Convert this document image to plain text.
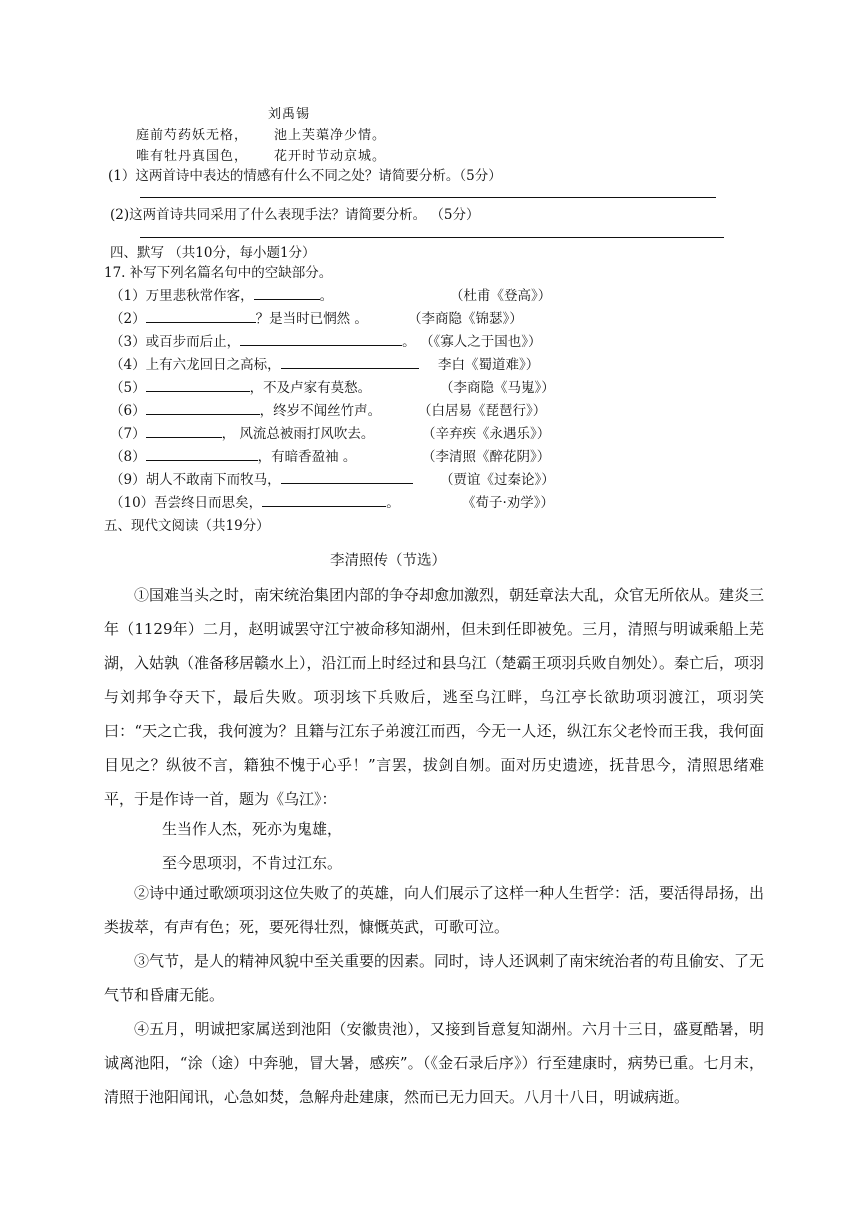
刘禹锡
庭前芍药妖无格， 池上芙蕖净少情。
唯有牡丹真国色， 花开时节动京城。
(1）这两首诗中表达的情感有什么不同之处？请简要分析。（5分）
(2)这两首诗共同采用了什么表现手法？请简要分析。 （5分）
四、默写 （共10分，每小题1分）
17. 补写下列名篇名句中的空缺部分。
（1）万里悲秋常作客，	。	（杜甫《登高》）
（2）	？是当时已惘然 。	（李商隐《锦瑟》）
（3）或百步而后止，	。 （《寡人之于国也》）
（4）上有六龙回日之高标，	李白《蜀道难》）
（5）	，不及卢家有莫愁。	（李商隐《马嵬》）
（6）	，终岁不闻丝竹声。	（白居易《琵琶行》）
（7）	， 风流总被雨打风吹去。	（辛弃疾《永遇乐》）
（8）	，有暗香盈袖 。	（李清照《醉花阴》）
（9）胡人不敢南下而牧马，	（贾谊《过秦论》）
（10）吾尝终日而思矣，	。	《荀子·劝学》）
五、现代文阅读（共19分）
李清照传（节选）
①国难当头之时，南宋统治集团内部的争夺却愈加激烈，朝廷章法大乱，众官无所依从。建炎三年（1129年）二月，赵明诚罢守江宁被命移知湖州，但未到任即被免。三月，清照与明诚乘船上芜湖，入姑孰（准备移居赣水上），沿江而上时经过和县乌江（楚霸王项羽兵败自刎处）。秦亡后，项羽与刘邦争夺天下，最后失败。项羽垓下兵败后，逃至乌江畔，乌江亭长欲助项羽渡江，项羽笑曰：“天之亡我，我何渡为？且籍与江东子弟渡江而西，今无一人还，纵江东父老怜而王我，我何面目见之？纵彼不言，籍独不愧于心乎！”言罢，拔剑自刎。面对历史遗迹，抚昔思今，清照思绪难平，于是作诗一首，题为《乌江》：
生当作人杰，死亦为鬼雄，
至今思项羽，不肯过江东。
②诗中通过歌颂项羽这位失败了的英雄，向人们展示了这样一种人生哲学：活，要活得昂扬，出类拔萃，有声有色；死，要死得壮烈，慷慨英武，可歌可泣。
③气节，是人的精神风貌中至关重要的因素。同时，诗人还讽刺了南宋统治者的苟且偷安、了无气节和昏庸无能。
④五月，明诚把家属送到池阳（安徽贵池），又接到旨意复知湖州。六月十三日，盛夏酷暑，明诚离池阳，“涂（途）中奔驰，冒大暑，感疾”。（《金石录后序》）行至建康时，病势已重。七月末，清照于池阳闻讯，心急如焚，急解舟赴建康，然而已无力回天。八月十八日，明诚病逝。
